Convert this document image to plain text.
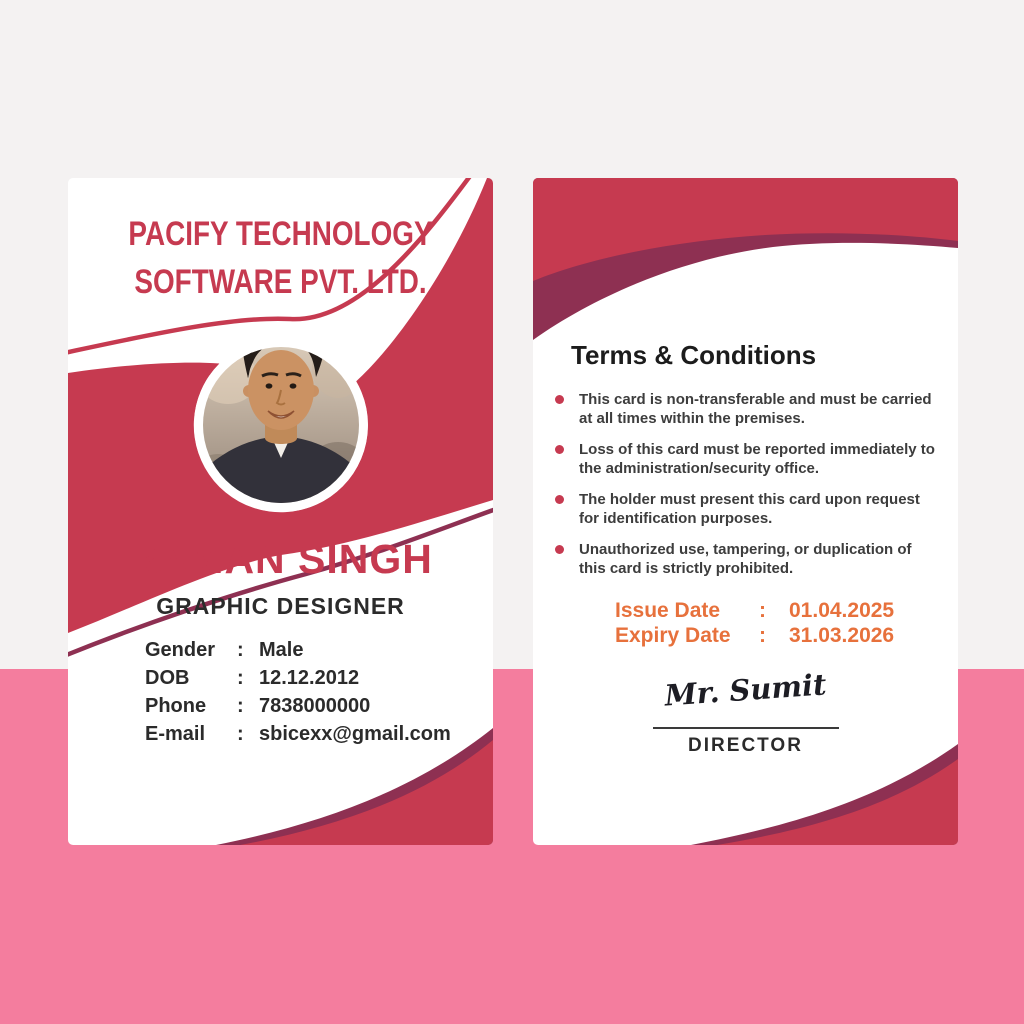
PACIFY TECHNOLOGY
SOFTWARE PVT. LTD.
RAMAN SINGH
GRAPHIC DESIGNER
Gender : Male
DOB : 12.12.2012
Phone : 7838000000
E-mail : sbicexx@gmail.com
Terms & Conditions
This card is non-transferable and must be carried at all times within the premises.
Loss of this card must be reported immediately to the administration/security office.
The holder must present this card upon request for identification purposes.
Unauthorized use, tampering, or duplication of this card is strictly prohibited.
Issue Date : 01.04.2025
Expiry Date : 31.03.2026
Mr. Sumit
DIRECTOR
